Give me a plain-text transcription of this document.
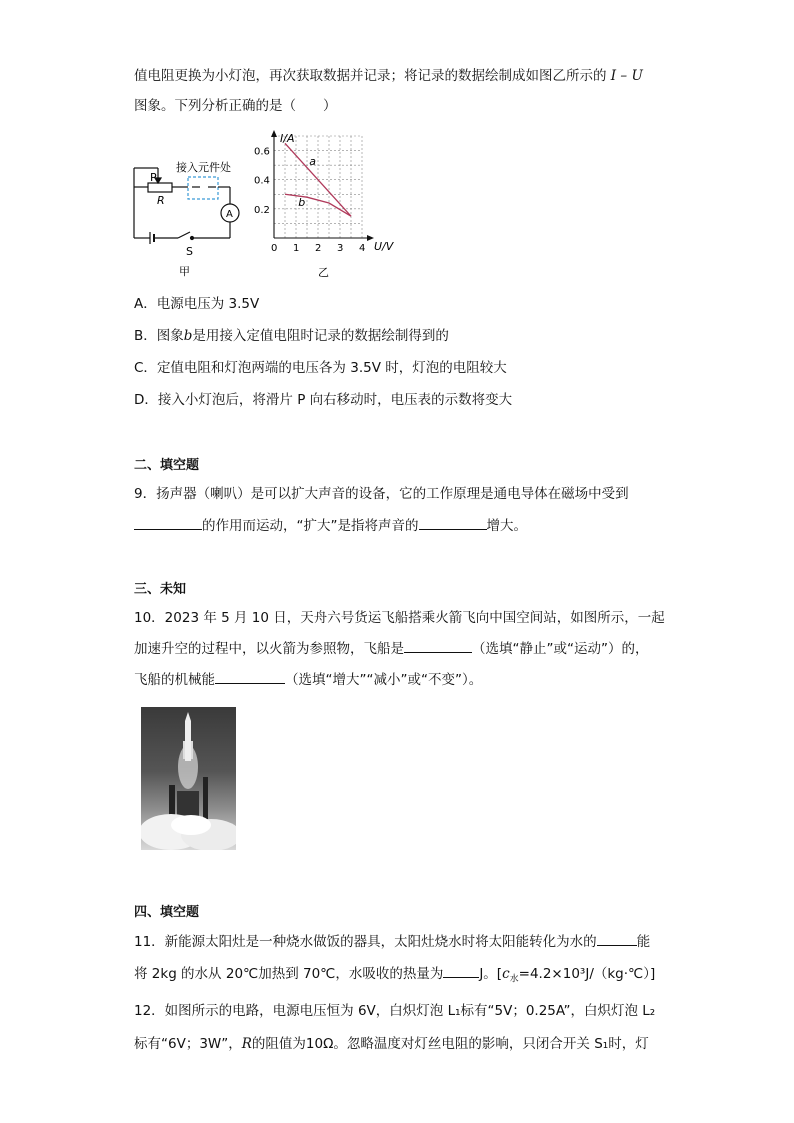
值电阻更换为小灯泡，再次获取数据并记录；将记录的数据绘制成如图乙所示的 I – U
图象。下列分析正确的是（　　）
接入元件处
P
R
A
S
甲
0 1 2 3 4
0.2
0.4
0.6
a
b
I/A
U/V
乙
A．电源电压为 3.5V
B．图象b是用接入定值电阻时记录的数据绘制得到的
C．定值电阻和灯泡两端的电压各为 3.5V 时，灯泡的电阻较大
D．接入小灯泡后，将滑片 P 向右移动时，电压表的示数将变大
二、填空题
9．扬声器（喇叭）是可以扩大声音的设备，它的工作原理是通电导体在磁场中受到
的作用而运动，“扩大”是指将声音的	增大。
三、未知
10．2023 年 5 月 10 日，天舟六号货运飞船搭乘火箭飞向中国空间站，如图所示，一起
加速升空的过程中，以火箭为参照物，飞船是	（选填“静止”或“运动”）的，
飞船的机械能	（选填“增大”“减小”或“不变”）。
四、填空题
11．新能源太阳灶是一种烧水做饭的器具，太阳灶烧水时将太阳能转化为水的	能
将 2kg 的水从 20℃加热到 70℃，水吸收的热量为	J。$[c_水=4.2\times 10^3J/(kg\cdot℃)]$
12．如图所示的电路，电源电压恒为 6V，白炽灯泡 L₁标有“5V；0.25A”，白炽灯泡 L₂
标有“6V；3W”，R的阻值为10Ω。忽略温度对灯丝电阻的影响，只闭合开关 S₁时，灯
